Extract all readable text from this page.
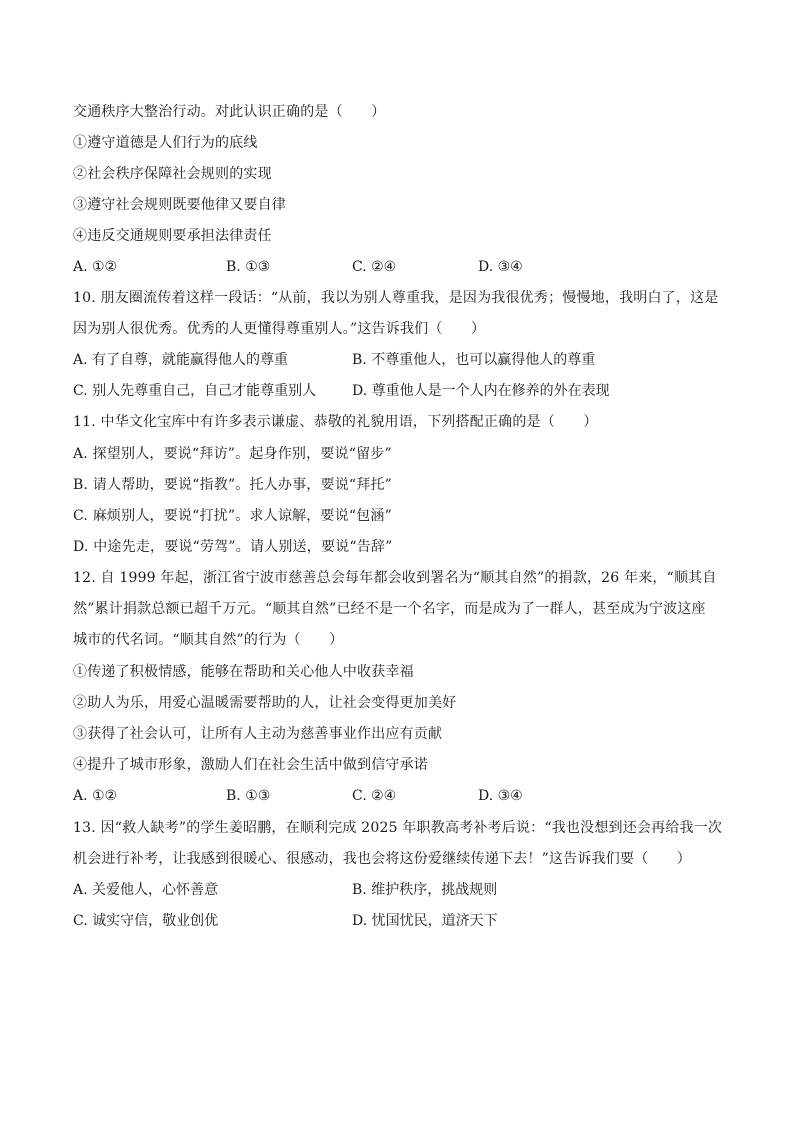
交通秩序大整治行动。对此认识正确的是（　　）
①遵守道德是人们行为的底线
②社会秩序保障社会规则的实现
③遵守社会规则既要他律又要自律
④违反交通规则要承担法律责任
A. ①②	B. ①③	C. ②④	D. ③④
10. 朋友圈流传着这样一段话：“从前，我以为别人尊重我，是因为我很优秀；慢慢地，我明白了，这是
因为别人很优秀。优秀的人更懂得尊重别人。”这告诉我们（　　）
A. 有了自尊，就能赢得他人的尊重	B. 不尊重他人，也可以赢得他人的尊重
C. 别人先尊重自己，自己才能尊重别人	D. 尊重他人是一个人内在修养的外在表现
11. 中华文化宝库中有许多表示谦虚、恭敬的礼貌用语，下列搭配正确的是（　　）
A. 探望别人，要说“拜访”。起身作别，要说“留步”
B. 请人帮助，要说“指教”。托人办事，要说“拜托”
C. 麻烦别人，要说“打扰”。求人谅解，要说“包涵”
D. 中途先走，要说“劳驾”。请人别送，要说“告辞”
12. 自 1999 年起，浙江省宁波市慈善总会每年都会收到署名为“顺其自然”的捐款，26 年来，“顺其自
然”累计捐款总额已超千万元。“顺其自然”已经不是一个名字，而是成为了一群人，甚至成为宁波这座
城市的代名词。“顺其自然”的行为（　　）
①传递了积极情感，能够在帮助和关心他人中收获幸福
②助人为乐，用爱心温暖需要帮助的人，让社会变得更加美好
③获得了社会认可，让所有人主动为慈善事业作出应有贡献
④提升了城市形象，激励人们在社会生活中做到信守承诺
A. ①②	B. ①③	C. ②④	D. ③④
13. 因“救人缺考”的学生姜昭鹏，在顺利完成 2025 年职教高考补考后说：“我也没想到还会再给我一次
机会进行补考，让我感到很暖心、很感动，我也会将这份爱继续传递下去！”这告诉我们要（　　）
A. 关爱他人，心怀善意	B. 维护秩序，挑战规则
C. 诚实守信，敬业创优	D. 忧国忧民，道济天下
